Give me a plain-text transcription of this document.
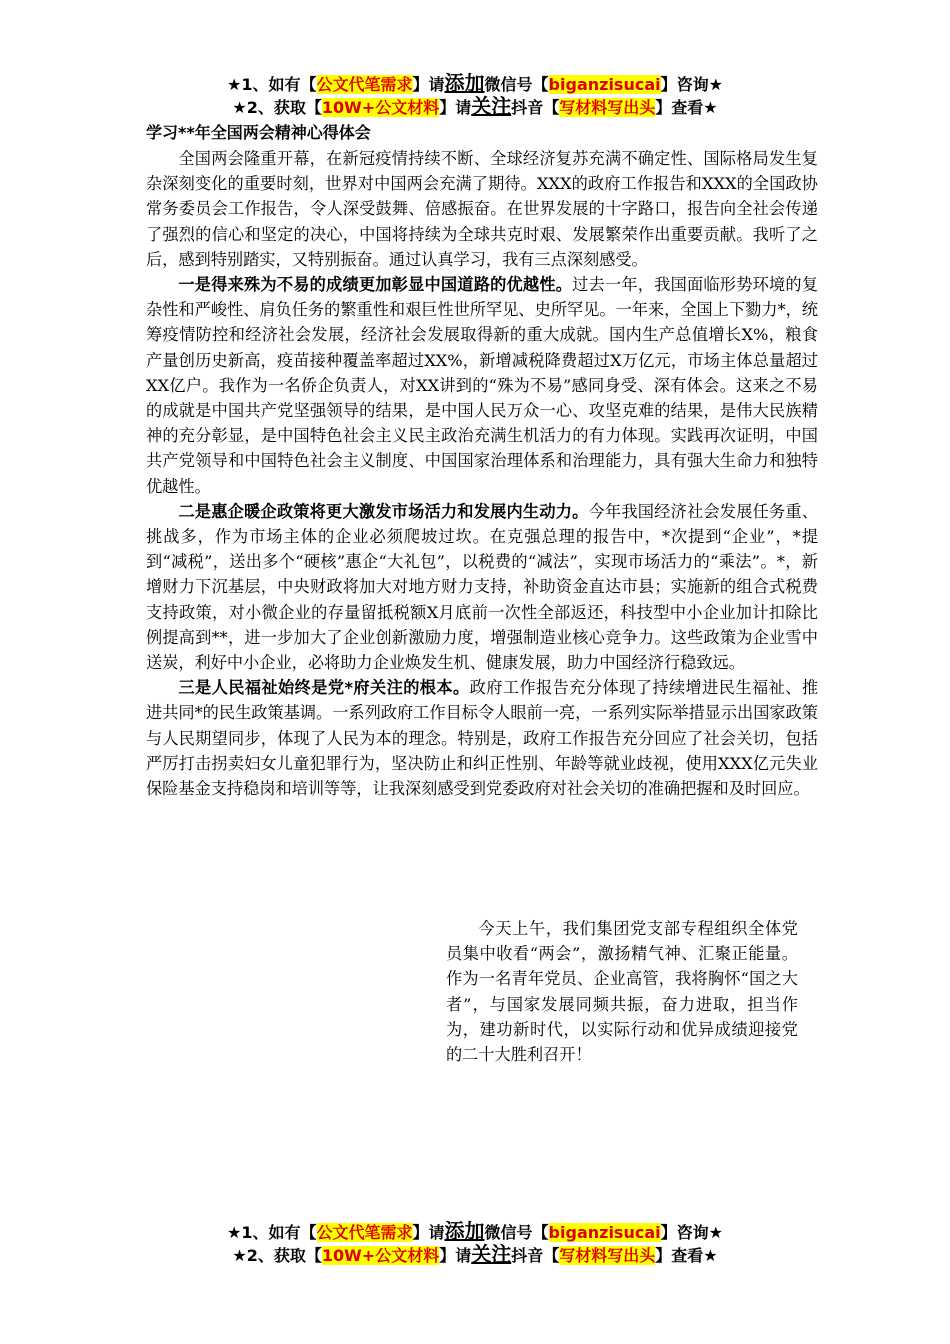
★1、如有【公文代笔需求】请添加微信号【biganzisucai】咨询★
★2、获取【10W+公文材料】请关注抖音【写材料写出头】查看★
学习**年全国两会精神心得体会

全国两会隆重开幕，在新冠疫情持续不断、全球经济复苏充满不确定性、国际格局发生复杂深刻变化的重要时刻，世界对中国两会充满了期待。XXX的政府工作报告和XXX的全国政协常务委员会工作报告，令人深受鼓舞、倍感振奋。在世界发展的十字路口，报告向全社会传递了强烈的信心和坚定的决心，中国将持续为全球共克时艰、发展繁荣作出重要贡献。我听了之后，感到特别踏实，又特别振奋。通过认真学习，我有三点深刻感受。

一是得来殊为不易的成绩更加彰显中国道路的优越性。过去一年，我国面临形势环境的复杂性和严峻性、肩负任务的繁重性和艰巨性世所罕见、史所罕见。一年来，全国上下勠力*，统筹疫情防控和经济社会发展，经济社会发展取得新的重大成就。国内生产总值增长X%，粮食产量创历史新高，疫苗接种覆盖率超过XX%，新增减税降费超过X万亿元，市场主体总量超过XX亿户。我作为一名侨企负责人，对XX讲到的“殊为不易”感同身受、深有体会。这来之不易的成就是中国共产党坚强领导的结果，是中国人民万众一心、攻坚克难的结果，是伟大民族精神的充分彰显，是中国特色社会主义民主政治充满生机活力的有力体现。实践再次证明，中国共产党领导和中国特色社会主义制度、中国国家治理体系和治理能力，具有强大生命力和独特优越性。

二是惠企暖企政策将更大激发市场活力和发展内生动力。今年我国经济社会发展任务重、挑战多，作为市场主体的企业必须爬坡过坎。在克强总理的报告中，*次提到“企业”，*提到“减税”，送出多个“硬核”惠企“大礼包”，以税费的“减法”，实现市场活力的“乘法”。*，新增财力下沉基层，中央财政将加大对地方财力支持，补助资金直达市县；实施新的组合式税费支持政策，对小微企业的存量留抵税额X月底前一次性全部返还，科技型中小企业加计扣除比例提高到**，进一步加大了企业创新激励力度，增强制造业核心竞争力。这些政策为企业雪中送炭，利好中小企业，必将助力企业焕发生机、健康发展，助力中国经济行稳致远。

三是人民福祉始终是党*府关注的根本。政府工作报告充分体现了持续增进民生福祉、推进共同*的民生政策基调。一系列政府工作目标令人眼前一亮，一系列实际举措显示出国家政策与人民期望同步，体现了人民为本的理念。特别是，政府工作报告充分回应了社会关切，包括严厉打击拐卖妇女儿童犯罪行为，坚决防止和纠正性别、年龄等就业歧视，使用XXX亿元失业保险基金支持稳岗和培训等等，让我深刻感受到党委政府对社会关切的准确把握和及时回应。

今天上午，我们集团党支部专程组织全体党员集中收看“两会”，激扬精气神、汇聚正能量。作为一名青年党员、企业高管，我将胸怀“国之大者”，与国家发展同频共振，奋力进取，担当作为，建功新时代，以实际行动和优异成绩迎接党的二十大胜利召开！

★1、如有【公文代笔需求】请添加微信号【biganzisucai】咨询★
★2、获取【10W+公文材料】请关注抖音【写材料写出头】查看★
